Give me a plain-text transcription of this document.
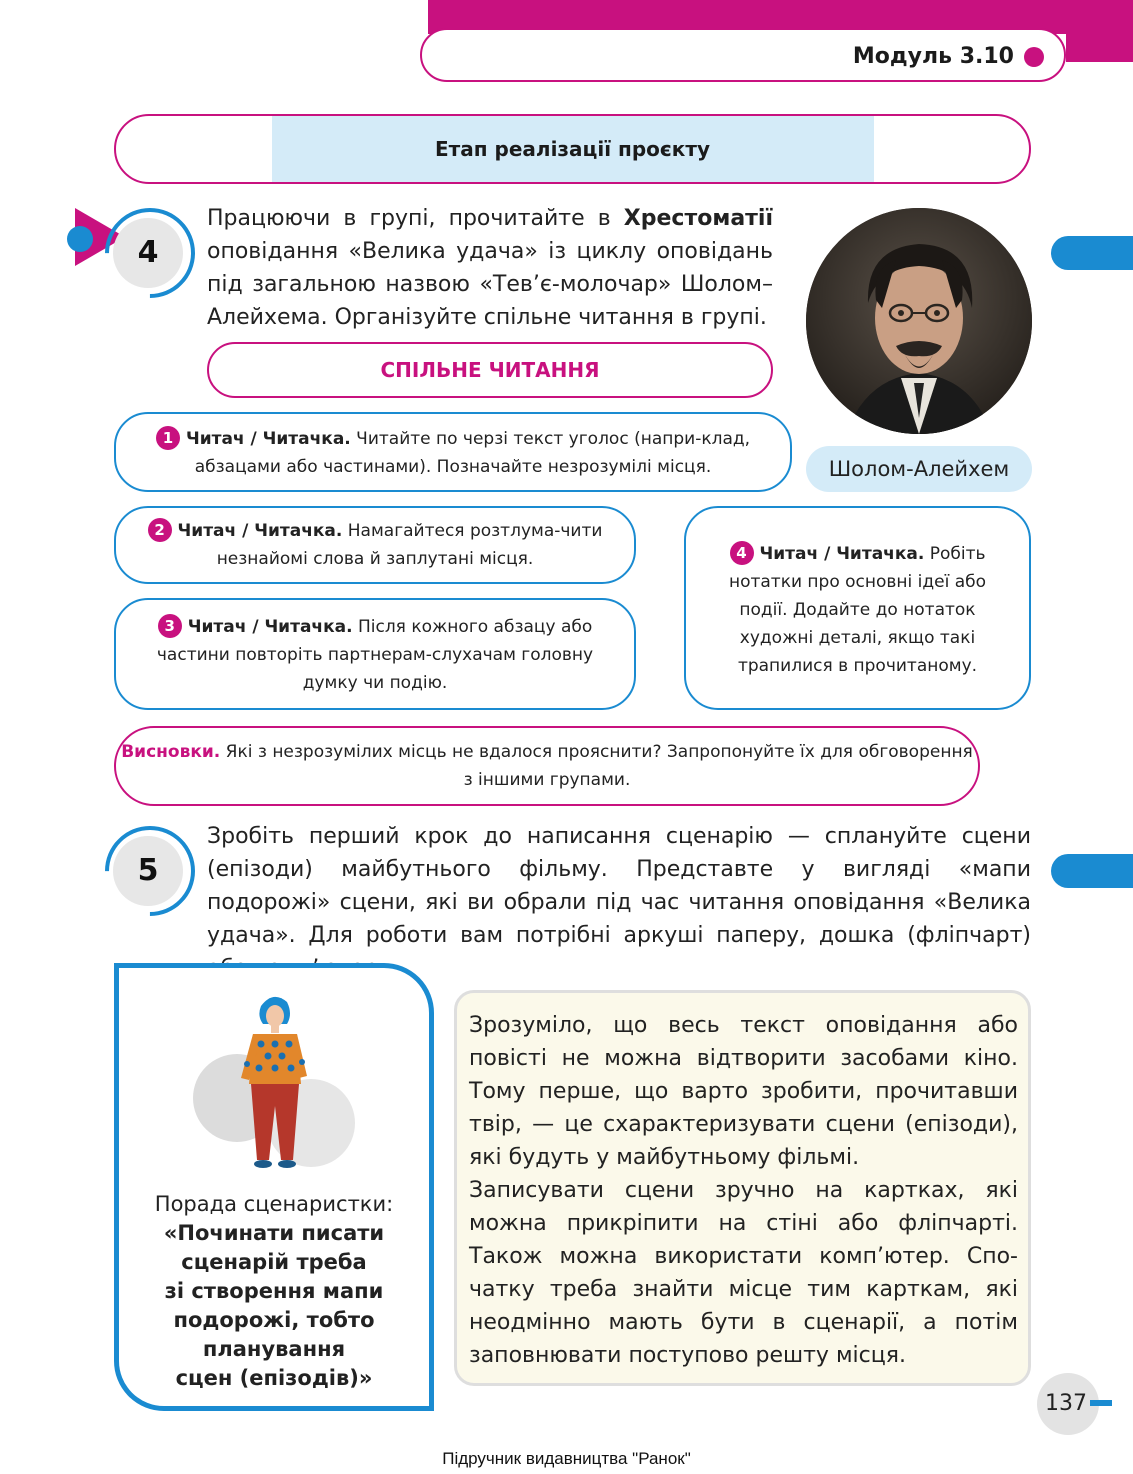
Модуль 3.10
Етап реалізації проєкту
4
Працюючи в групі, прочитайте в Хрестоматії оповідання «Велика удача» із циклу оповідань під загальною назвою «Тев’є-молочар» Шолом–Алейхема. Організуйте спільне читання в групі.
Шолом-Алейхем
СПІЛЬНЕ ЧИТАННЯ
1 Читач / Читачка. Читайте по черзі текст уголос (напри-клад, абзацами або частинами). Позначайте незрозумілі місця.
2 Читач / Читачка. Намагайтеся розтлума-чити незнайомі слова й заплутані місця.
3 Читач / Читачка. Після кожного абзацу або частини повторіть партнерам-слухачам головну думку чи подію.
4 Читач / Читачка. Робіть нотатки про основні ідеї або події. Додайте до нотаток художні деталі, якщо такі трапилися в прочитаному.
Висновки. Які з незрозумілих місць не вдалося прояснити? Запропонуйте їх для обговорення з іншими групами.
5
Зробіть перший крок до написання сценарію — сплануйте сцени (епізоди) майбутнього фільму. Представте у вигляді «мапи подорожі» сцени, які ви обрали під час читання оповідання «Велика удача». Для роботи вам потрібні аркуші паперу, дошка (фліпчарт)
Порада сценаристки:
«Починати писати
сценарій треба
зі створення мапи
подорожі, тобто
планування
сцен (епізодів)»

Зрозуміло, що весь текст оповідання або повісті не можна відтворити засобами кіно. Тому перше, що варто зробити, прочитавши твір, — це схарактеризувати сцени (епізоди), які будуть у майбутньому фільмі.

Записувати сцени зручно на картках, які можна прикріпити на стіні або фліпчарті. Також можна використати комп’ютер. Спо-чатку треба знайти місце тим карткам, які неодмінно мають бути в сценарії, а потім заповнювати поступово решту місця.

137
Підручник видавництва "Ранок"
